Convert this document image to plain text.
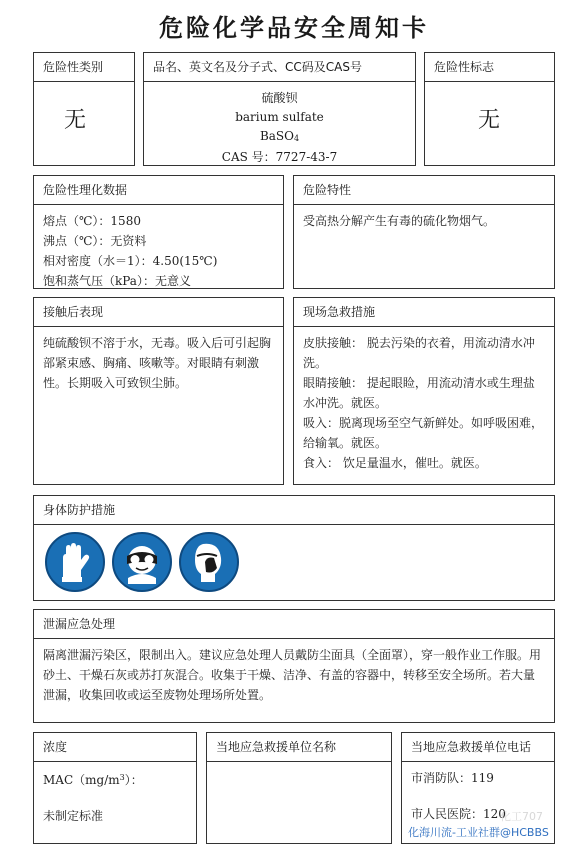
危险化学品安全周知卡
危险性类别
无
品名、英文名及分子式、CC码及CAS号
硫酸钡
barium sulfate
BaSO4
CAS 号：7727-43-7
危险性标志
无
危险性理化数据
熔点（℃）：1580
沸点（℃）：无资料
相对密度（水＝1）：4.50(15℃)
饱和蒸气压（kPa）：无意义
危险特性
受高热分解产生有毒的硫化物烟气。
接触后表现
纯硫酸钡不溶于水，无毒。吸入后可引起胸部紧束感、胸痛、咳嗽等。对眼睛有刺激性。长期吸入可致钡尘肺。
现场急救措施
皮肤接触： 脱去污染的衣着，用流动清水冲洗。
眼睛接触： 提起眼睑，用流动清水或生理盐水冲洗。就医。
吸入：脱离现场至空气新鲜处。如呼吸困难，给输氧。就医。
食入： 饮足量温水，催吐。就医。
身体防护措施
泄漏应急处理
隔离泄漏污染区，限制出入。建议应急处理人员戴防尘面具（全面罩），穿一般作业工作服。用砂土、干燥石灰或苏打灰混合。收集于干燥、洁净、有盖的容器中，转移至安全场所。若大量泄漏，收集回收或运至废物处理场所处置。
浓度
$MAC(mg/m^3)$：
未制定标准
当地应急救援单位名称	当地应急救援单位电话
市消防队：119
市人民医院：120
化工707
化海川流-工业社群@HCBBS
